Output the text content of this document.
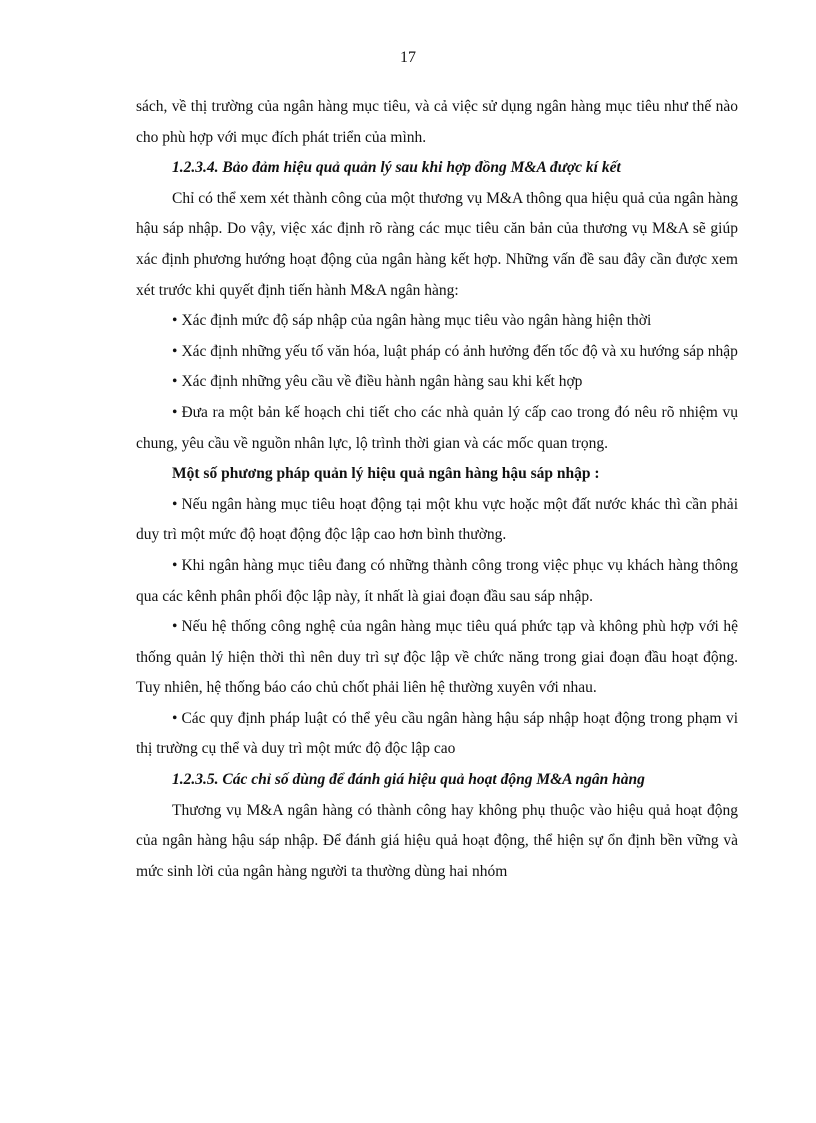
17

sách, về thị trường của ngân hàng mục tiêu, và cả việc sử dụng ngân hàng mục tiêu như thế nào cho phù hợp với mục đích phát triển của mình.

1.2.3.4. Bảo đảm hiệu quả quản lý sau khi hợp đồng M&A được kí kết

Chỉ có thể xem xét thành công của một thương vụ M&A thông qua hiệu quả của ngân hàng hậu sáp nhập. Do vậy, việc xác định rõ ràng các mục tiêu căn bản của thương vụ M&A sẽ giúp xác định phương hướng hoạt động của ngân hàng kết hợp. Những vấn đề sau đây cần được xem xét trước khi quyết định tiến hành M&A ngân hàng:

• Xác định mức độ sáp nhập của ngân hàng mục tiêu vào ngân hàng hiện thời

• Xác định những yếu tố văn hóa, luật pháp có ảnh hưởng đến tốc độ và xu hướng sáp nhập

• Xác định những yêu cầu về điều hành ngân hàng sau khi kết hợp

• Đưa ra một bản kế hoạch chi tiết cho các nhà quản lý cấp cao trong đó nêu rõ nhiệm vụ chung, yêu cầu về nguồn nhân lực, lộ trình thời gian và các mốc quan trọng.

Một số phương pháp quản lý hiệu quả ngân hàng hậu sáp nhập :

• Nếu ngân hàng mục tiêu hoạt động tại một khu vực hoặc một đất nước khác thì cần phải duy trì một mức độ hoạt động độc lập cao hơn bình thường.

• Khi ngân hàng mục tiêu đang có những thành công trong việc phục vụ khách hàng thông qua các kênh phân phối độc lập này, ít nhất là giai đoạn đầu sau sáp nhập.

• Nếu hệ thống công nghệ của ngân hàng mục tiêu quá phức tạp và không phù hợp với hệ thống quản lý hiện thời thì nên duy trì sự độc lập về chức năng trong giai đoạn đầu hoạt động. Tuy nhiên, hệ thống báo cáo chủ chốt phải liên hệ thường xuyên với nhau.

• Các quy định pháp luật có thể yêu cầu ngân hàng hậu sáp nhập hoạt động trong phạm vi thị trường cụ thể và duy trì một mức độ độc lập cao

1.2.3.5. Các chỉ số dùng để đánh giá hiệu quả hoạt động M&A ngân hàng

Thương vụ M&A ngân hàng có thành công hay không phụ thuộc vào hiệu quả hoạt động của ngân hàng hậu sáp nhập. Để đánh giá hiệu quả hoạt động, thể hiện sự ổn định bền vững và mức sinh lời của ngân hàng người ta thường dùng hai nhóm
